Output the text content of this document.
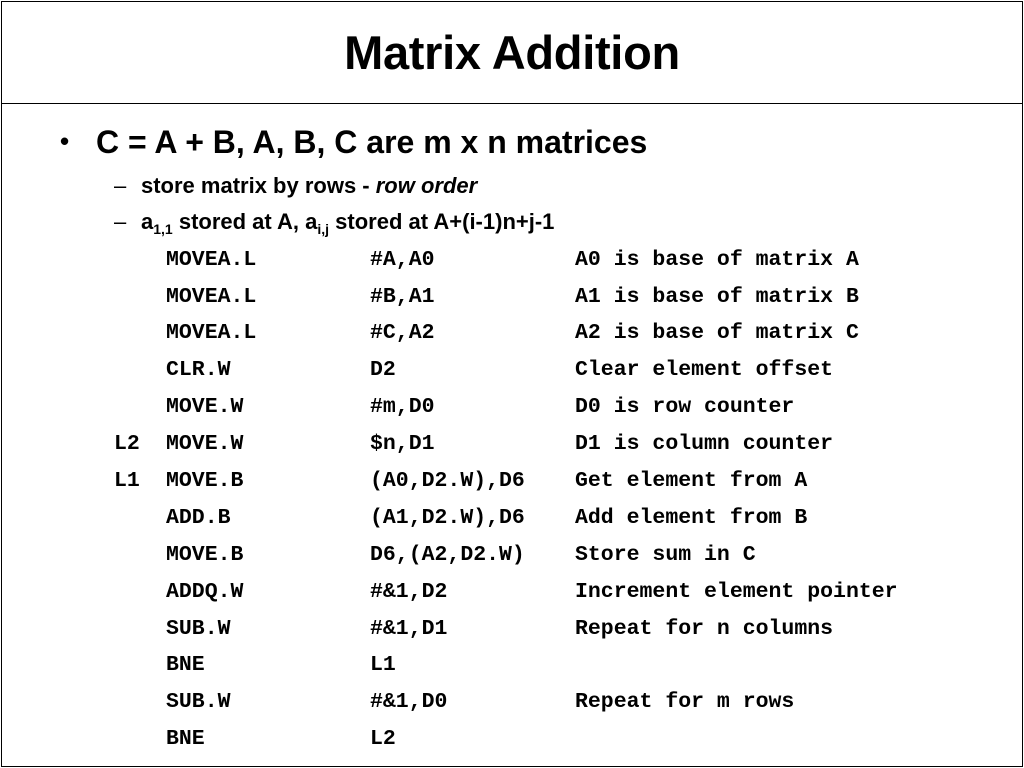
Matrix Addition
• C = A + B, A, B, C are m x n matrices
– store matrix by rows - row order
– $a_{1,1}$ stored at A, $a_{i,j}$ stored at A+(i-1)n+j-1
	MOVEA.L	#A,A0	A0 is base of matrix A
	MOVEA.L	#B,A1	A1 is base of matrix B
	MOVEA.L	#C,A2	A2 is base of matrix C
	CLR.W	D2	Clear element offset
	MOVE.W	#m,D0	D0 is row counter
L2	MOVE.W	$n,D1	D1 is column counter
L1	MOVE.B	(A0,D2.W),D6	Get element from A
	ADD.B	(A1,D2.W),D6	Add element from B
	MOVE.B	D6,(A2,D2.W)	Store sum in C
	ADDQ.W	#&1,D2	Increment element pointer
	SUB.W	#&1,D1	Repeat for n columns
	BNE	L1	
	SUB.W	#&1,D0	Repeat for m rows
	BNE	L2	
